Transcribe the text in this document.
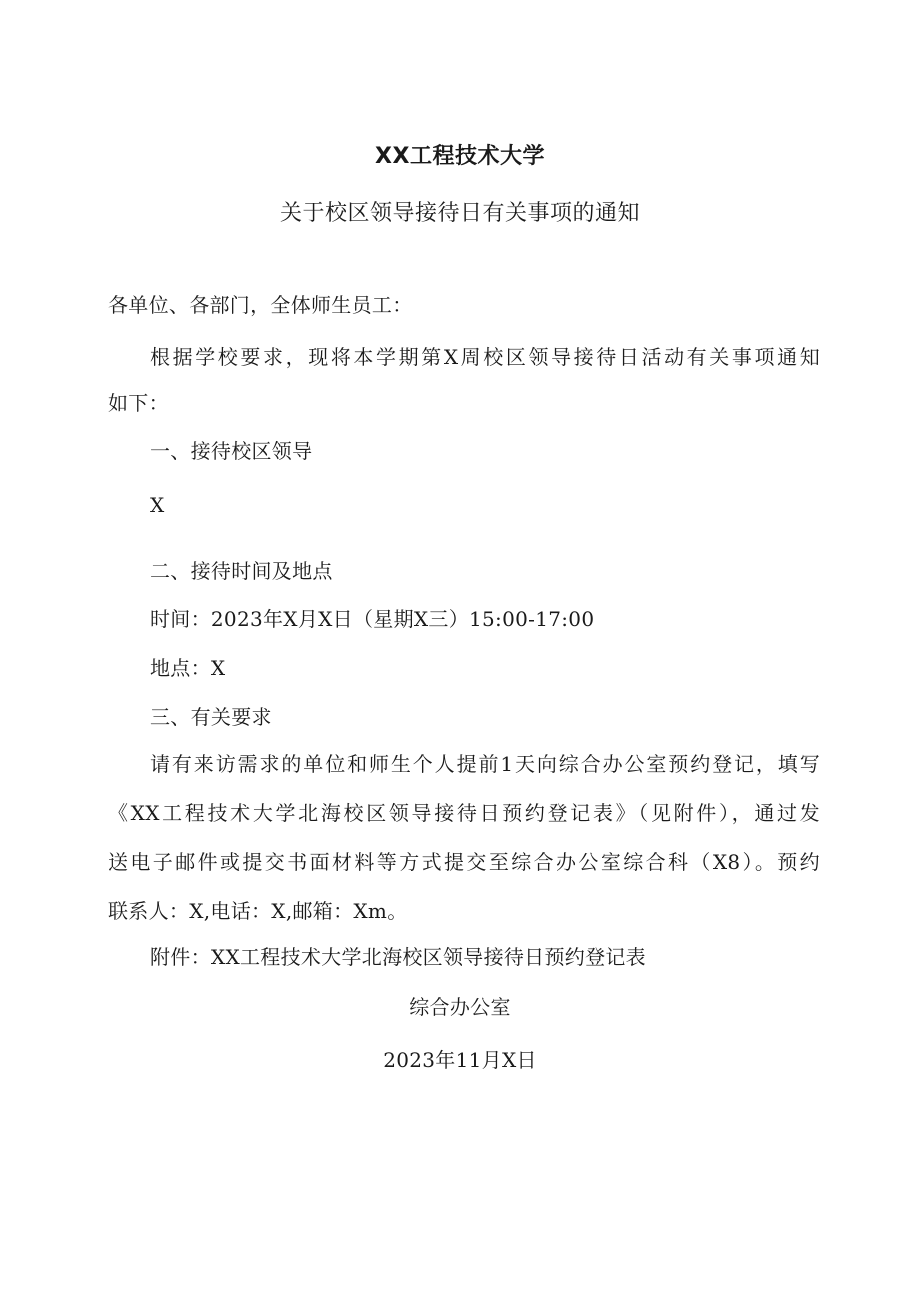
XX工程技术大学
关于校区领导接待日有关事项的通知
各单位、各部门，全体师生员工：
根据学校要求，现将本学期第X周校区领导接待日活动有关事项通知
如下：
一、接待校区领导
X
二、接待时间及地点
时间：2023年X月X日（星期X三）15:00-17:00
地点：X
三、有关要求
请有来访需求的单位和师生个人提前1天向综合办公室预约登记，填写
《XX工程技术大学北海校区领导接待日预约登记表》（见附件），通过发
送电子邮件或提交书面材料等方式提交至综合办公室综合科（X8）。预约
联系人：X,电话：X,邮箱：Xm。
附件：XX工程技术大学北海校区领导接待日预约登记表
综合办公室
2023年11月X日
